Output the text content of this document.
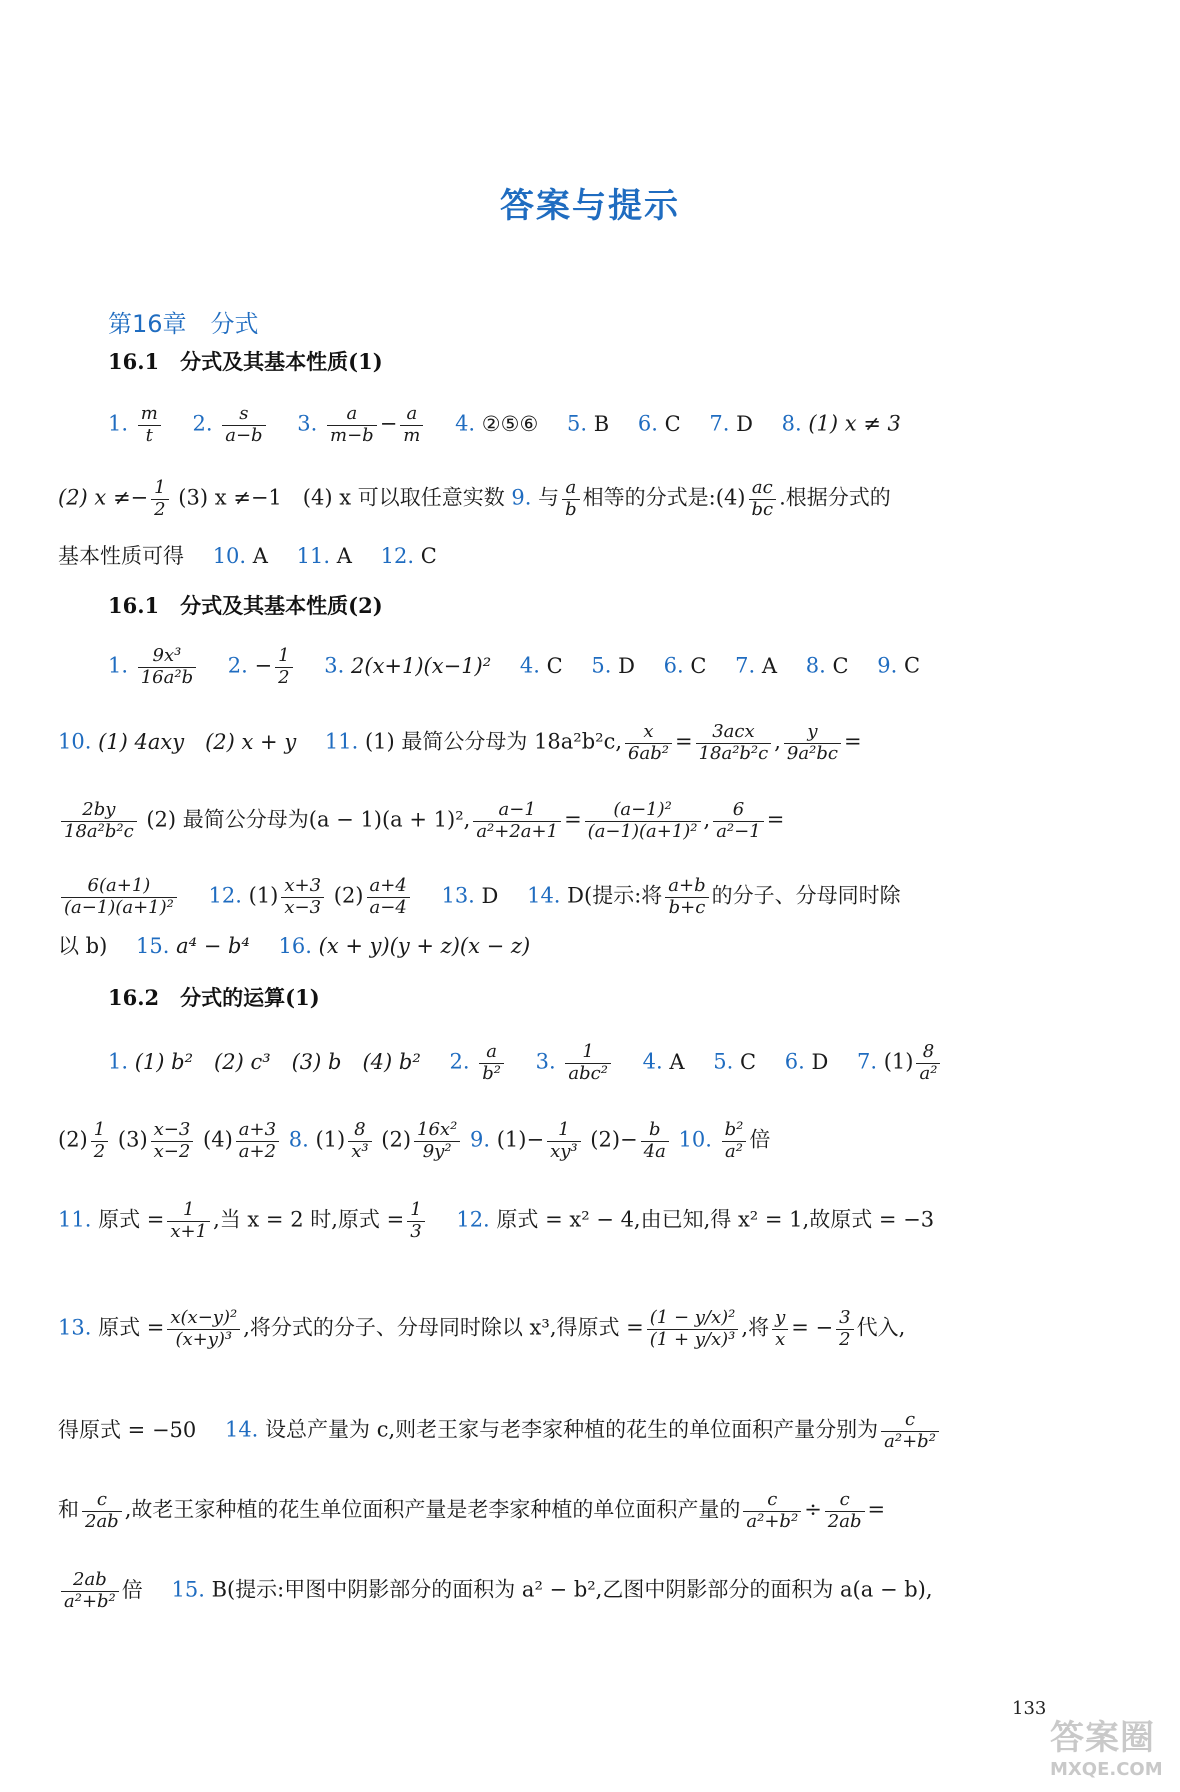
答案与提示
第16章　分式
16.1　分式及其基本性质(1)
1. $\frac{m}{t} 2$. $\frac{s}{a-b} 3$. $\frac{a}{m-b} - \frac{a}{m} 4$. ②⑤⑥ 5. B 6. C 7. D 8. (1) x ≠ 3
(2) $x \ne- \frac{1}{2} (3)$ x ≠−1　(4) x 可以取任意实数 9. 与 $\frac{a}{b}$ 相等的分式是:(4) $\frac{ac}{bc}$ .根据分式的
基本性质可得 10. A 11. A 12. C
16.1　分式及其基本性质(2)
1. $\frac{\text{9x³}}{\text{16a²b}} 2$. − $\frac{1}{2} 3$. 2(x+1)(x−1)² 4. C 5. D 6. C 7. A 8. C 9. C
10. (1) 4axy　(2) x + y 11. (1) 最简公分母为 18a²b²c, $\frac{x}{\text{6ab²}} = \frac{\text{3acx}}{\text{18a²b²c}}$ , $\frac{y}{\text{9a²bc}}$ =
$\frac{2by}{\text{18a²b²c}} (2)$ 最简公分母为(a − 1)(a + 1)², $\frac{a-1}{\text{a²+2a+1}} = \frac{\text{(a−1)²}}{\text{(a−1)(a+1)²}}$ , $\frac{6}{\text{a²−1}}$ =
$\frac{6(a+1)}{\text{(a−1)(a+1)²}} 12$. $(1) \frac{x+3}{x-3} (2) \frac{a+4}{a-4} 13$. D 14. D(提示:将 $\frac{a+b}{b+c}$ 的分子、分母同时除
以 b) 15. a⁴ − b⁴ 16. (x + y)(y + z)(x − z)
16.2　分式的运算(1)
1. (1) b²　(2) c³　(3) b　(4) b² 2. $\frac{a}{\text{b²}} 3$. $\frac{1}{\text{abc²}} 4$. A 5. C 6. D 7. $(1) \frac{8}{\text{a²}}$
$(2) \frac{1}{2} (3) \frac{x-3}{x-2} (4) \frac{a+3}{a+2} 8$. $(1) \frac{8}{\text{x³}} (2) \frac{\text{16x²}}{\text{9y²}} 9$. $(1)- \frac{1}{\text{xy³}} (2)- \frac{b}{4a} 10$. $\frac{\text{b²}}{\text{a²}}$ 倍
11. 原式 = $\frac{1}{x+1}$ ,当 x = 2 时,原式 = $\frac{1}{3} 12$. 原式 = x² − 4,由已知,得 x² = 1,故原式 = −3
13. 原式 = $\frac{\text{x(x−y)²}}{\text{(x+y)³}}$ ,将分式的分子、分母同时除以 x³,得原式 = $\frac{\text{(1 − y/x)²}}{\text{(1 + y/x)³}}$ ,将 $\frac{y}{x}$ = − $\frac{3}{2}$ 代入,
得原式 = −50 14. 设总产量为 c,则老王家与老李家种植的花生的单位面积产量分别为 $\frac{c}{\text{a²+b²}}$
和 $\frac{c}{2ab}$ ,故老王家种植的花生单位面积产量是老李家种植的单位面积产量的 $\frac{c}{\text{a²+b²}} \div \frac{c}{2ab}$ =
$\frac{2ab}{\text{a²+b²}}$ 倍 15. B(提示:甲图中阴影部分的面积为 a² − b²,乙图中阴影部分的面积为 a(a − b),
133
答案圈
MXQE.COM
